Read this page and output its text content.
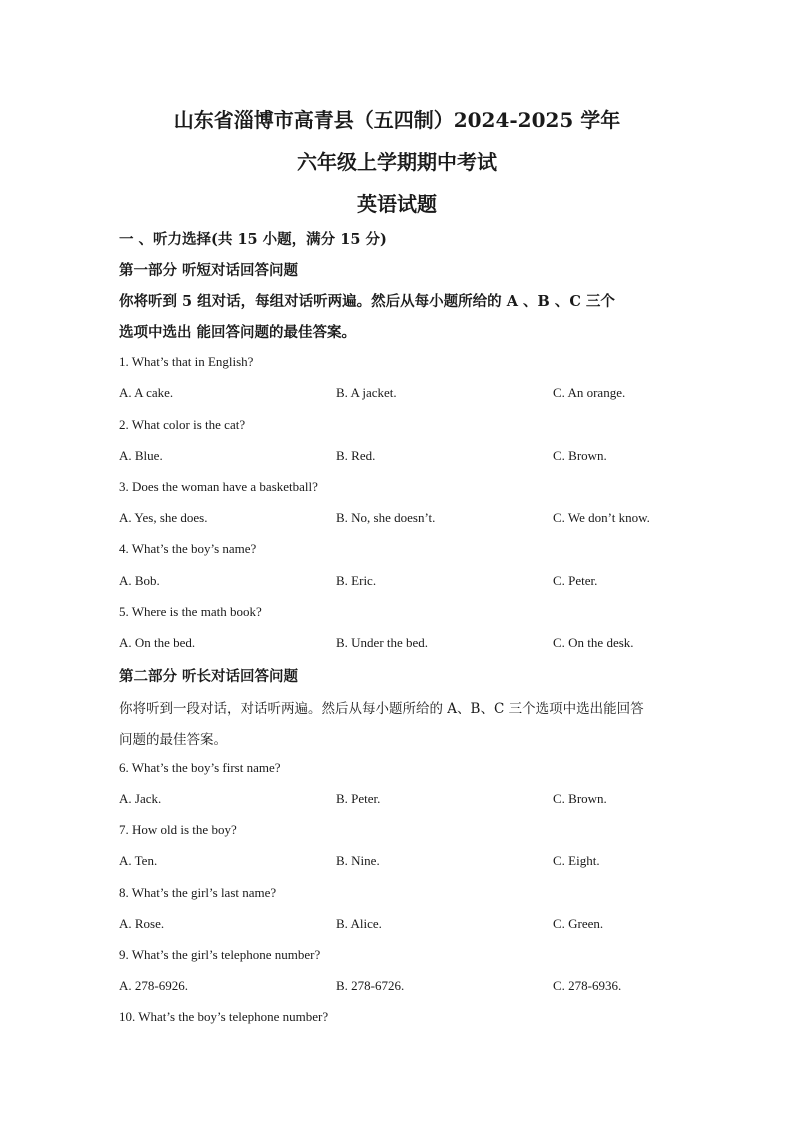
山东省淄博市高青县（五四制）2024-2025 学年
六年级上学期期中考试
英语试题
一 、听力选择(共 15 小题，满分 15 分)
第一部分 听短对话回答问题
你将听到 5 组对话，每组对话听两遍。然后从每小题所给的 A 、B 、C 三个
选项中选出 能回答问题的最佳答案。
1. What’s that in English?
A. A cake.	B. A jacket.	C. An orange.
2. What color is the cat?
A. Blue.	B. Red.	C. Brown.
3. Does the woman have a basketball?
A. Yes, she does.	B. No, she doesn’t.	C. We don’t know.
4. What’s the boy’s name?
A. Bob.	B. Eric.	C. Peter.
5. Where is the math book?
A. On the bed.	B. Under the bed.	C. On the desk.
第二部分 听长对话回答问题
你将听到一段对话，对话听两遍。然后从每小题所给的 A、B、C 三个选项中选出能回答
问题的最佳答案。
6. What’s the boy’s first name?
A. Jack.	B. Peter.	C. Brown.
7. How old is the boy?
A. Ten.	B. Nine.	C. Eight.
8. What’s the girl’s last name?
A. Rose.	B. Alice.	C. Green.
9. What’s the girl’s telephone number?
A. 278-6926.	B. 278-6726.	C. 278-6936.
10. What’s the boy’s telephone number?
